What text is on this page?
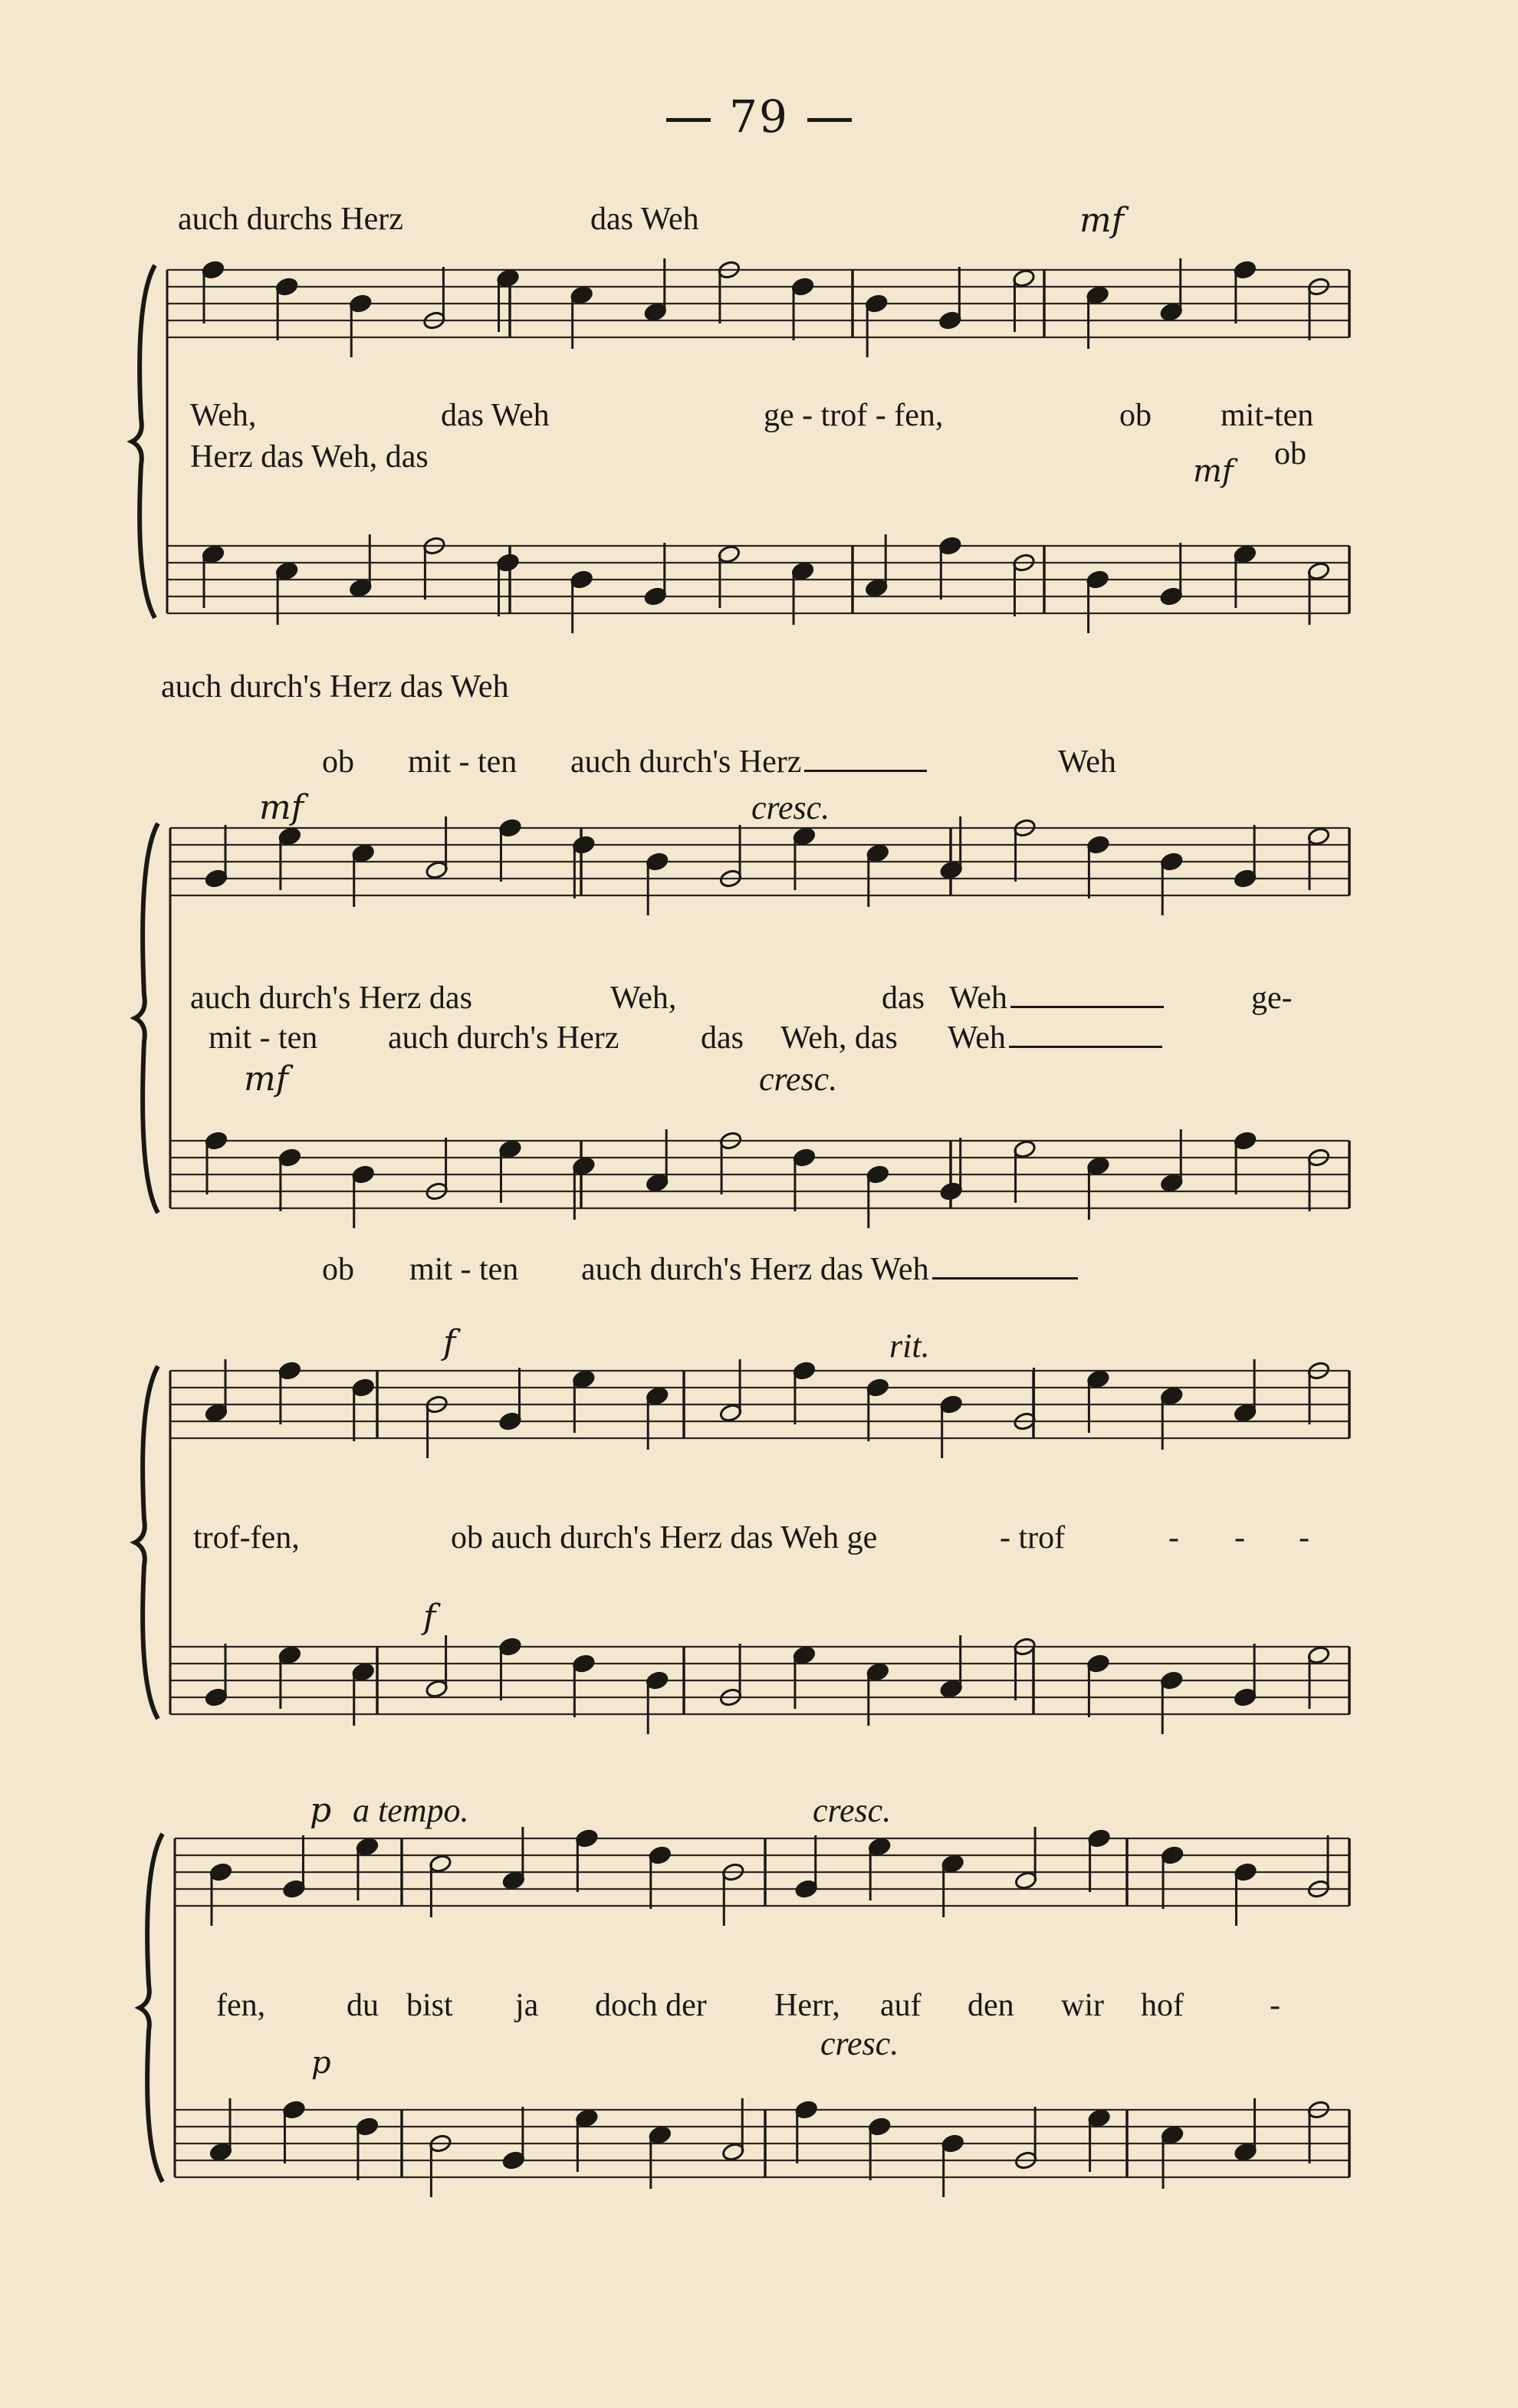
79
auch durchs Herz	das Weh	mf
Weh,	das Weh	ge - trof - fen,	ob mit-ten
Herz das Weh, das	ob
mf
auch durch's Herz das Weh
ob mit - ten auch durch's Herz	Weh
mf	cresc.
auch durch's Herz das	Weh,	das Weh	ge-
mit - ten auch durch's Herz	das Weh, das Weh
mf	cresc.
ob mit - ten auch durch's Herz das Weh
f	rit.
trof-fen,	ob auch durch's Herz das Weh ge	- trof	- - -
f
p a tempo.	cresc.
fen,	du bist ja doch der Herr, auf den wir hof	-
p
cresc.
